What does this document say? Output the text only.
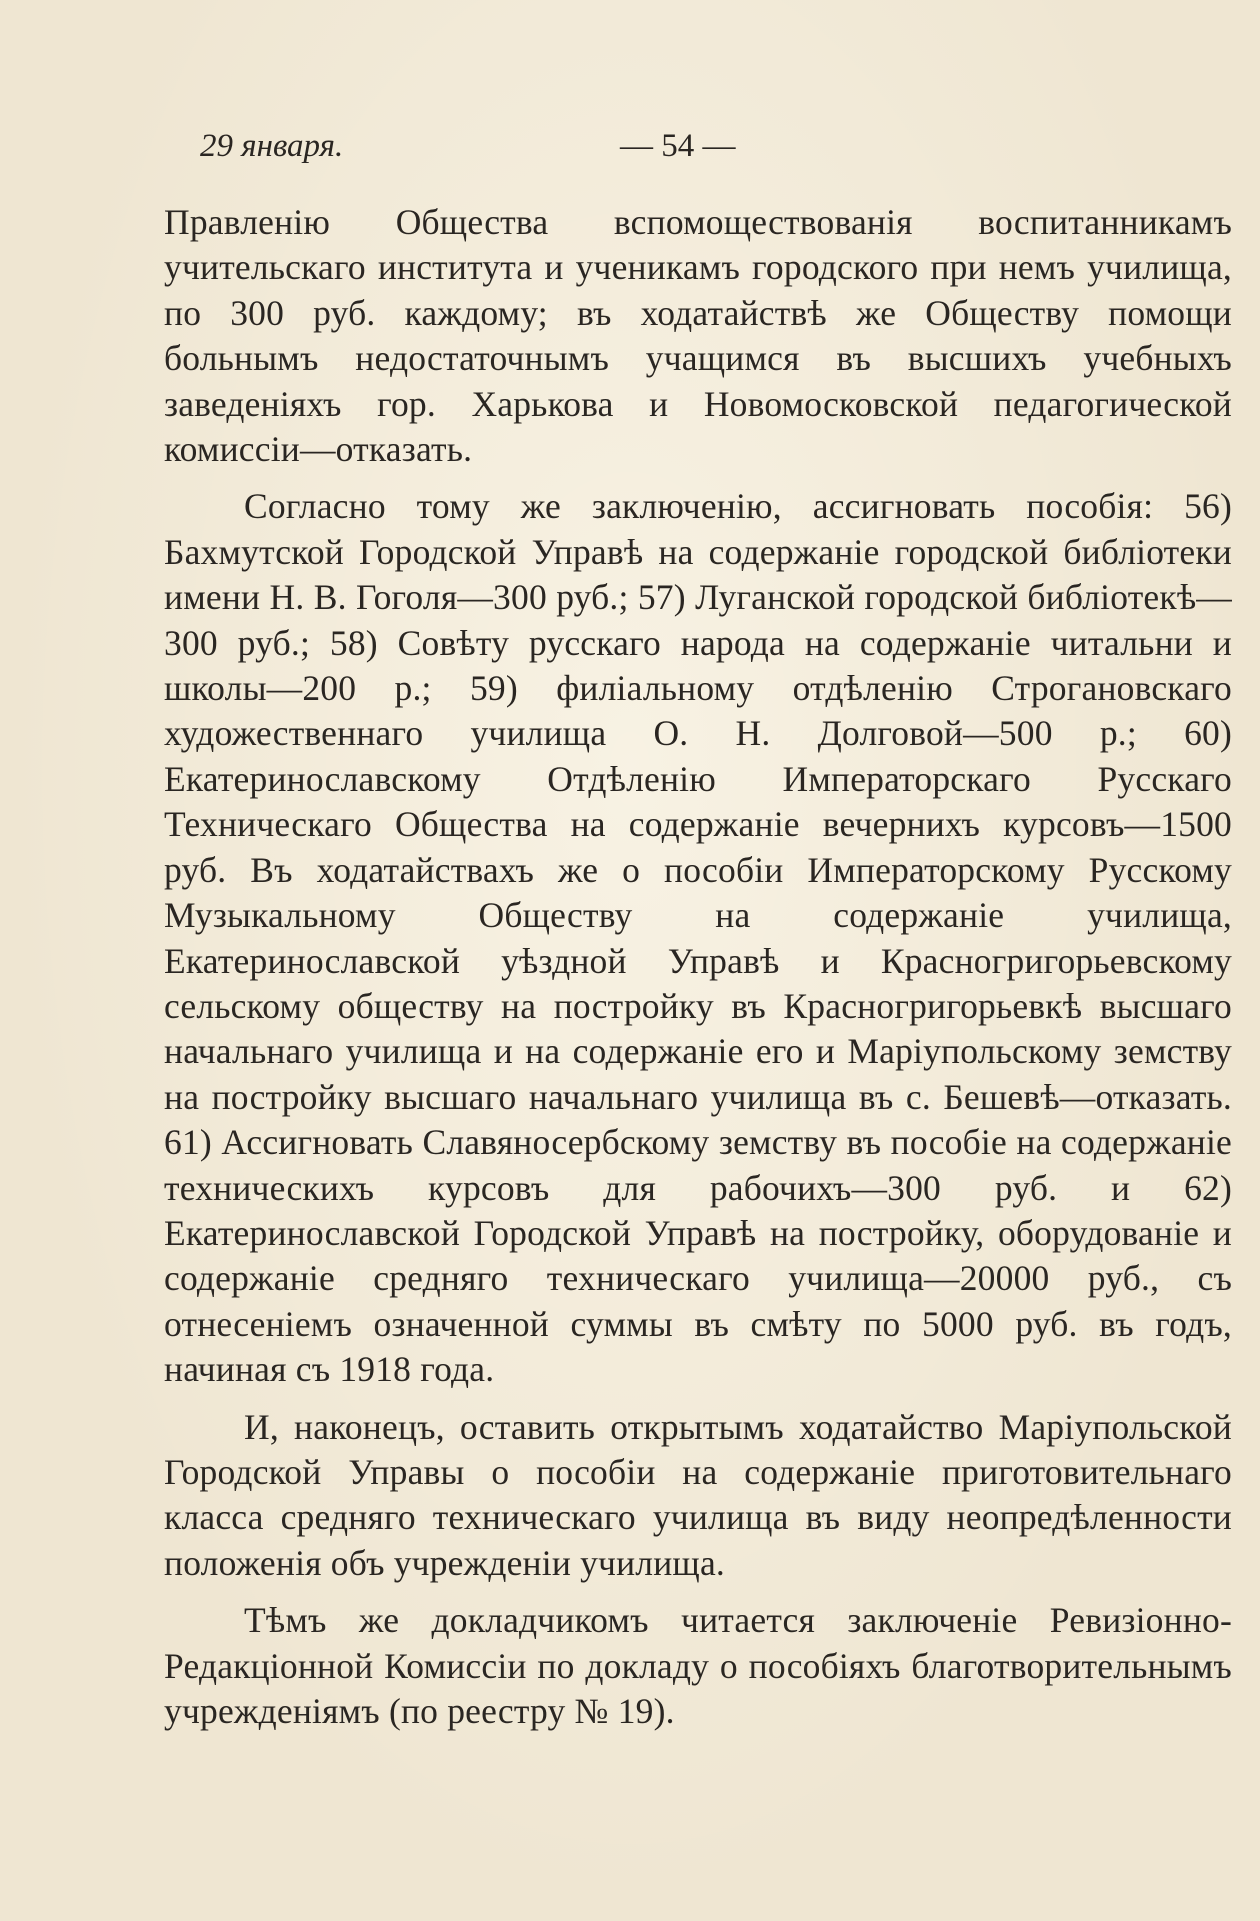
29 января.	— 54 —

Правленію Общества вспомоществованія воспитанникамъ учительскаго института и ученикамъ городского при немъ училища, по 300 руб. каждому; въ ходатайствѣ же Обществу помощи больнымъ недостаточнымъ учащимся въ высшихъ учебныхъ заведеніяхъ гор. Харькова и Новомосковской педагогической комиссіи—отказать.

Согласно тому же заключенію, ассигновать пособія: 56) Бахмутской Городской Управѣ на содержаніе городской библіотеки имени Н. В. Гоголя—300 руб.; 57) Луганской городской библіотекѣ—300 руб.; 58) Совѣту русскаго народа на содержаніе читальни и школы—200 р.; 59) филіальному отдѣленію Строгановскаго художественнаго училища О. Н. Долговой—500 р.; 60) Екатеринославскому Отдѣленію Императорскаго Русскаго Техническаго Общества на содержаніе вечернихъ курсовъ—1500 руб. Въ ходатайствахъ же о пособіи Императорскому Русскому Музыкальному Обществу на содержаніе училища, Екатеринославской уѣздной Управѣ и Красногригорьевскому сельскому обществу на постройку въ Красногригорьевкѣ высшаго начальнаго училища и на содержаніе его и Маріупольскому земству на постройку высшаго начальнаго училища въ с. Бешевѣ—отказать. 61) Ассигновать Славяносербскому земству въ пособіе на содержаніе техническихъ курсовъ для рабочихъ—300 руб. и 62) Екатеринославской Городской Управѣ на постройку, оборудованіе и содержаніе средняго техническаго училища—20000 руб., съ отнесеніемъ означенной суммы въ смѣту по 5000 руб. въ годъ, начиная съ 1918 года.

И, наконецъ, оставить открытымъ ходатайство Маріупольской Городской Управы о пособіи на содержаніе приготовительнаго класса средняго техническаго училища въ виду неопредѣленности положенія объ учрежденіи училища.

Тѣмъ же докладчикомъ читается заключеніе Ревизіонно-Редакціонной Комиссіи по докладу о пособіяхъ благотворительнымъ учрежденіямъ (по реестру № 19).
